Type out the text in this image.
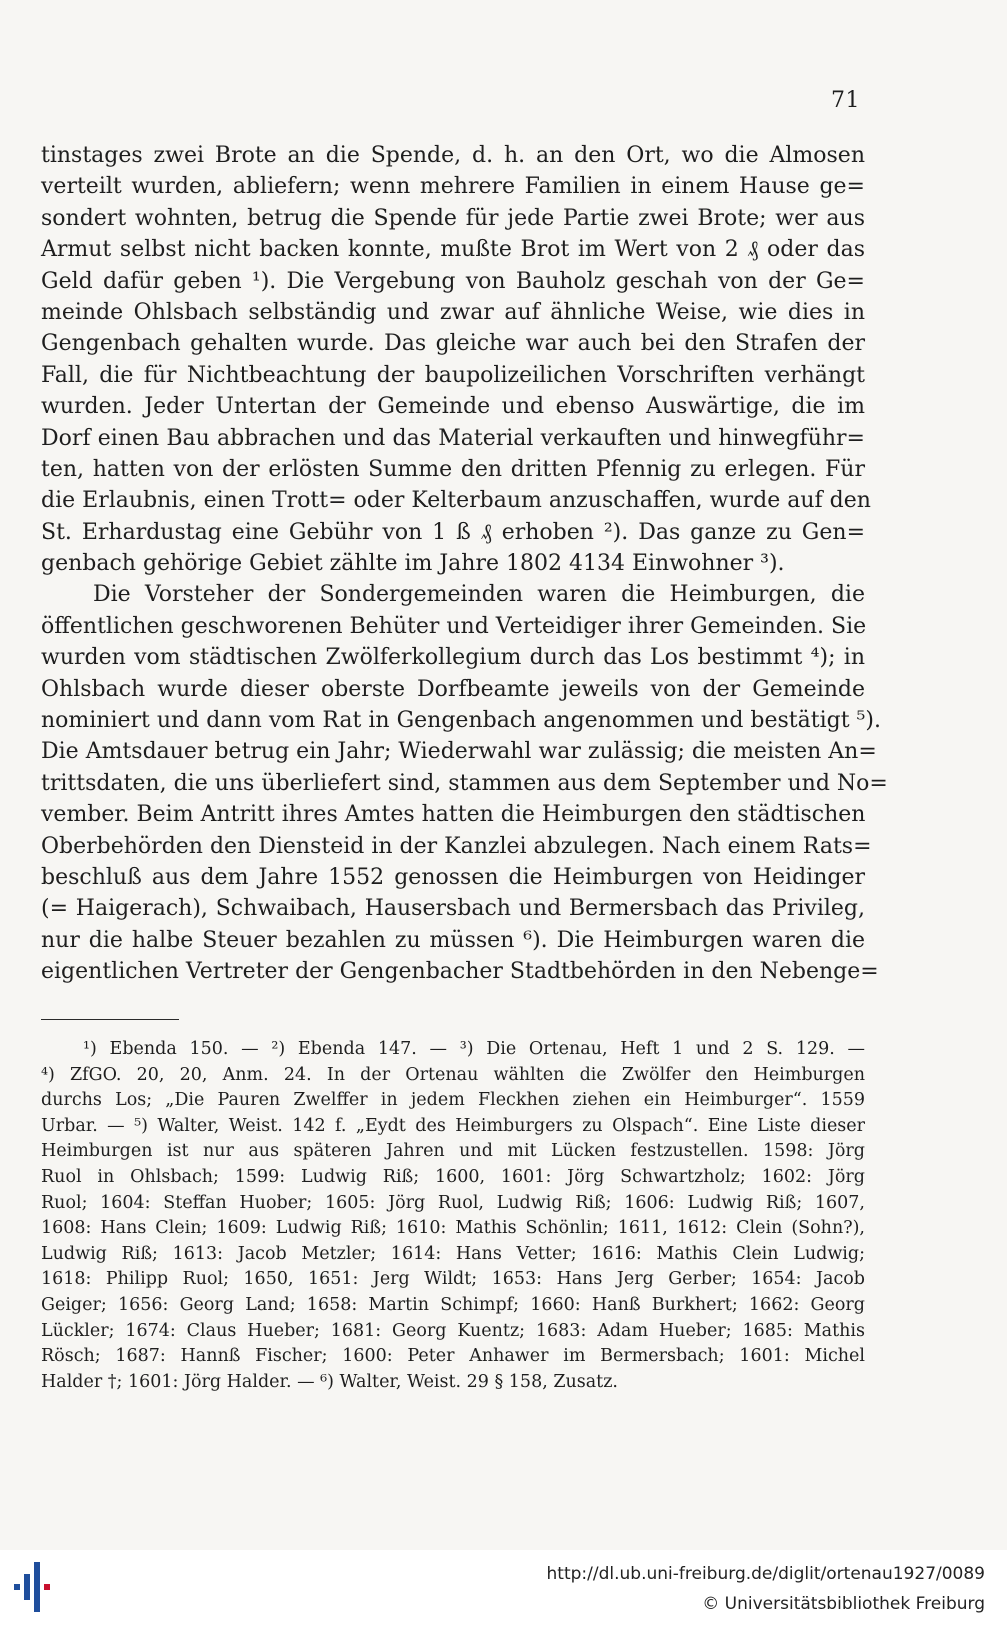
71
tinstages zwei Brote an die Spende, d. h. an den Ort, wo die Almosen
verteilt wurden, abliefern; wenn mehrere Familien in einem Hause ge=
sondert wohnten, betrug die Spende für jede Partie zwei Brote; wer aus
Armut selbst nicht backen konnte, mußte Brot im Wert von 2 ₰ oder das
Geld dafür geben ¹). Die Vergebung von Bauholz geschah von der Ge=
meinde Ohlsbach selbständig und zwar auf ähnliche Weise, wie dies in
Gengenbach gehalten wurde. Das gleiche war auch bei den Strafen der
Fall, die für Nichtbeachtung der baupolizeilichen Vorschriften verhängt
wurden. Jeder Untertan der Gemeinde und ebenso Auswärtige, die im
Dorf einen Bau abbrachen und das Material verkauften und hinwegführ=
ten, hatten von der erlösten Summe den dritten Pfennig zu erlegen. Für
die Erlaubnis, einen Trott= oder Kelterbaum anzuschaffen, wurde auf den
St. Erhardustag eine Gebühr von 1 ß ₰ erhoben ²). Das ganze zu Gen=
genbach gehörige Gebiet zählte im Jahre 1802 4134 Einwohner ³).
Die Vorsteher der Sondergemeinden waren die Heimburgen, die
öffentlichen geschworenen Behüter und Verteidiger ihrer Gemeinden. Sie
wurden vom städtischen Zwölferkollegium durch das Los bestimmt ⁴); in
Ohlsbach wurde dieser oberste Dorfbeamte jeweils von der Gemeinde
nominiert und dann vom Rat in Gengenbach angenommen und bestätigt ⁵).
Die Amtsdauer betrug ein Jahr; Wiederwahl war zulässig; die meisten An=
trittsdaten, die uns überliefert sind, stammen aus dem September und No=
vember. Beim Antritt ihres Amtes hatten die Heimburgen den städtischen
Oberbehörden den Diensteid in der Kanzlei abzulegen. Nach einem Rats=
beschluß aus dem Jahre 1552 genossen die Heimburgen von Heidinger
(= Haigerach), Schwaibach, Hausersbach und Bermersbach das Privileg,
nur die halbe Steuer bezahlen zu müssen ⁶). Die Heimburgen waren die
eigentlichen Vertreter der Gengenbacher Stadtbehörden in den Nebenge=
¹) Ebenda 150. — ²) Ebenda 147. — ³) Die Ortenau, Heft 1 und 2 S. 129. —
⁴) ZfGO. 20, 20, Anm. 24. In der Ortenau wählten die Zwölfer den Heimburgen
durchs Los; „Die Pauren Zwelffer in jedem Fleckhen ziehen ein Heimburger“. 1559
Urbar. — ⁵) Walter, Weist. 142 f. „Eydt des Heimburgers zu Olspach“. Eine Liste dieser
Heimburgen ist nur aus späteren Jahren und mit Lücken festzustellen. 1598: Jörg
Ruol in Ohlsbach; 1599: Ludwig Riß; 1600, 1601: Jörg Schwartzholz; 1602: Jörg
Ruol; 1604: Steffan Huober; 1605: Jörg Ruol, Ludwig Riß; 1606: Ludwig Riß; 1607,
1608: Hans Clein; 1609: Ludwig Riß; 1610: Mathis Schönlin; 1611, 1612: Clein (Sohn?),
Ludwig Riß; 1613: Jacob Metzler; 1614: Hans Vetter; 1616: Mathis Clein Ludwig;
1618: Philipp Ruol; 1650, 1651: Jerg Wildt; 1653: Hans Jerg Gerber; 1654: Jacob
Geiger; 1656: Georg Land; 1658: Martin Schimpf; 1660: Hanß Burkhert; 1662: Georg
Lückler; 1674: Claus Hueber; 1681: Georg Kuentz; 1683: Adam Hueber; 1685: Mathis
Rösch; 1687: Hannß Fischer; 1600: Peter Anhawer im Bermersbach; 1601: Michel
Halder †; 1601: Jörg Halder. — ⁶) Walter, Weist. 29 § 158, Zusatz.
http://dl.ub.uni-freiburg.de/diglit/ortenau1927/0089
© Universitätsbibliothek Freiburg
